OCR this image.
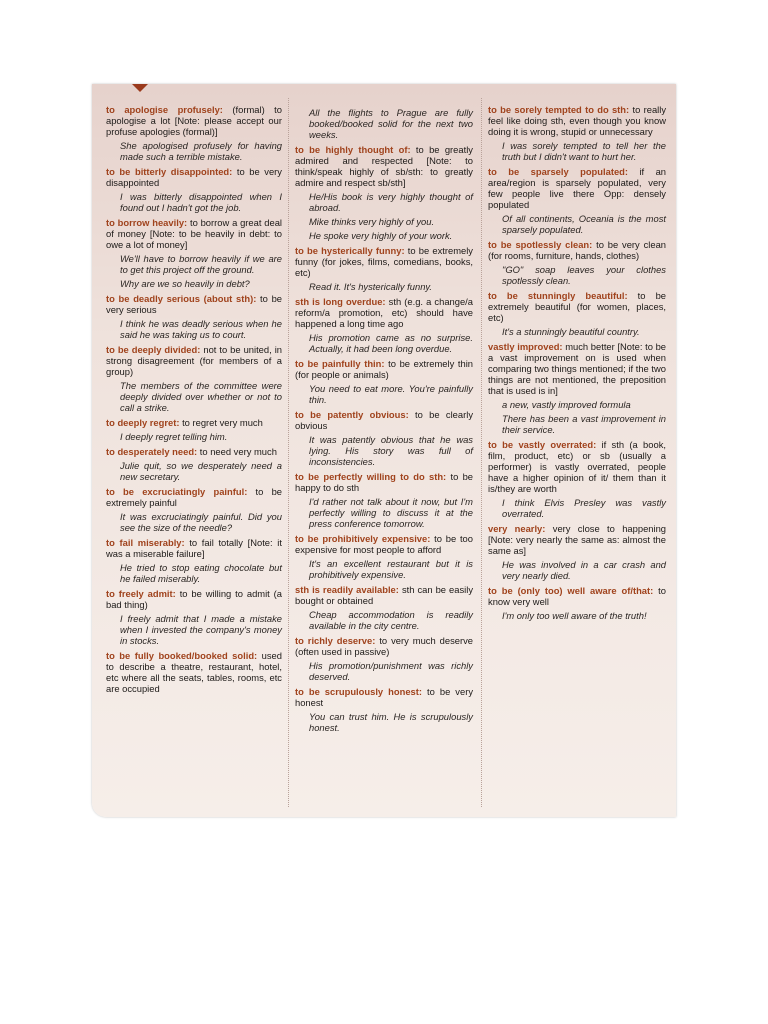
to apologise profusely: (formal) to apologise a lot [Note: please accept our profuse apologies (formal)]
She apologised profusely for having made such a terrible mistake.
to be bitterly disappointed: to be very disappointed
I was bitterly disappointed when I found out I hadn't got the job.
to borrow heavily: to borrow a great deal of money [Note: to be heavily in debt: to owe a lot of money]
We'll have to borrow heavily if we are to get this project off the ground.
Why are we so heavily in debt?
to be deadly serious (about sth): to be very serious
I think he was deadly serious when he said he was taking us to court.
to be deeply divided: not to be united, in strong disagreement (for members of a group)
The members of the committee were deeply divided over whether or not to call a strike.
to deeply regret: to regret very much
I deeply regret telling him.
to desperately need: to need very much
Julie quit, so we desperately need a new secretary.
to be excruciatingly painful: to be extremely painful
It was excruciatingly painful. Did you see the size of the needle?
to fail miserably: to fail totally [Note: it was a miserable failure]
He tried to stop eating chocolate but he failed miserably.
to freely admit: to be willing to admit (a bad thing)
I freely admit that I made a mistake when I invested the company's money in stocks.
to be fully booked/booked solid: used to describe a theatre, restaurant, hotel, etc where all the seats, tables, rooms, etc are occupied
All the flights to Prague are fully booked/booked solid for the next two weeks.
to be highly thought of: to be greatly admired and respected [Note: to think/speak highly of sb/sth: to greatly admire and respect sb/sth]
He/His book is very highly thought of abroad.
Mike thinks very highly of you.
He spoke very highly of your work.
to be hysterically funny: to be extremely funny (for jokes, films, comedians, books, etc)
Read it. It's hysterically funny.
sth is long overdue: sth (e.g. a change/a reform/a promotion, etc) should have happened a long time ago
His promotion came as no surprise. Actually, it had been long overdue.
to be painfully thin: to be extremely thin (for people or animals)
You need to eat more. You're painfully thin.
to be patently obvious: to be clearly obvious
It was patently obvious that he was lying. His story was full of inconsistencies.
to be perfectly willing to do sth: to be happy to do sth
I'd rather not talk about it now, but I'm perfectly willing to discuss it at the press conference tomorrow.
to be prohibitively expensive: to be too expensive for most people to afford
It's an excellent restaurant but it is prohibitively expensive.
sth is readily available: sth can be easily bought or obtained
Cheap accommodation is readily available in the city centre.
to richly deserve: to very much deserve (often used in passive)
His promotion/punishment was richly deserved.
to be scrupulously honest: to be very honest
You can trust him. He is scrupulously honest.
to be sorely tempted to do sth: to really feel like doing sth, even though you know doing it is wrong, stupid or unnecessary
I was sorely tempted to tell her the truth but I didn't want to hurt her.
to be sparsely populated: if an area/region is sparsely populated, very few people live there Opp: densely populated
Of all continents, Oceania is the most sparsely populated.
to be spotlessly clean: to be very clean (for rooms, furniture, hands, clothes)
"GO" soap leaves your clothes spotlessly clean.
to be stunningly beautiful: to be extremely beautiful (for women, places, etc)
It's a stunningly beautiful country.
vastly improved: much better [Note: to be a vast improvement on is used when comparing two things mentioned; if the two things are not mentioned, the preposition that is used is in]
a new, vastly improved formula
There has been a vast improvement in their service.
to be vastly overrated: if sth (a book, film, product, etc) or sb (usually a performer) is vastly overrated, people have a higher opinion of it/ them than it is/they are worth
I think Elvis Presley was vastly overrated.
very nearly: very close to happening [Note: very nearly the same as: almost the same as]
He was involved in a car crash and very nearly died.
to be (only too) well aware of/that: to know very well
I'm only too well aware of the truth!
